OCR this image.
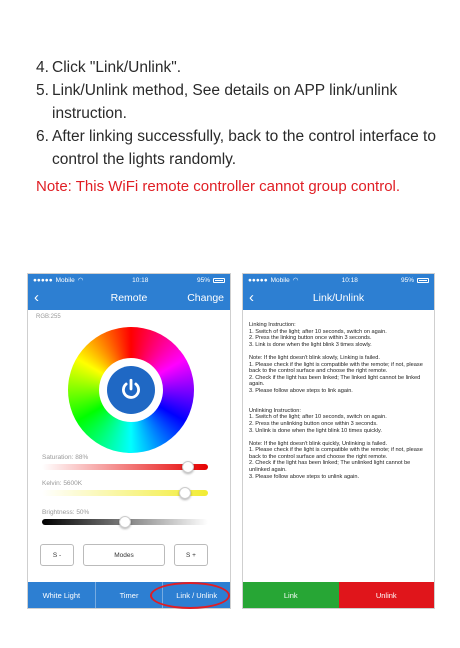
4. Click "Link/Unlink".
5. Link/Unlink method, See details on APP link/unlink instruction.
6. After linking successfully, back to the control interface to control the lights randomly.
Note: This WiFi remote controller cannot group control.
●●●●● Mobile ◠	10:18	95%
‹	Remote	Change
RGB:255
Saturation: 88%
Kelvin: 5600K
Brightness: 50%
S -	Modes	S +
White Light	Timer	Link / Unlink
●●●●● Mobile ◠	10:18	95%
‹	Link/Unlink

Linking Instruction:

1. Switch of the light; after 10 seconds, switch on again.

2. Press the linking button once within 3 seconds.

3. Link is done when the light blink 3 times slowly.

Note: If the light doesn't blink slowly, Linking is failed.

1. Please check if the light is compatible with the remote; if not, please back to the control surface and choose the right remote.

2. Check if the light has been linked; The linked light cannot be linked again.

3. Please follow above steps to link again.

Unlinking Instruction:

1. Switch of the light; after 10 seconds, switch on again.

2. Press the unlinking button once within 3 seconds.

3. Unlink is done when the light blink 10 times quickly.

Note: If the light doesn't blink quickly, Unlinking is failed.

1. Please check if the light is compatible with the remote; if not, please back to the control surface and choose the right remote.

2. Check if the light has been linked; The unlinked light cannot be unlinked again.

3. Please follow above steps to unlink again.

Link	Unlink
